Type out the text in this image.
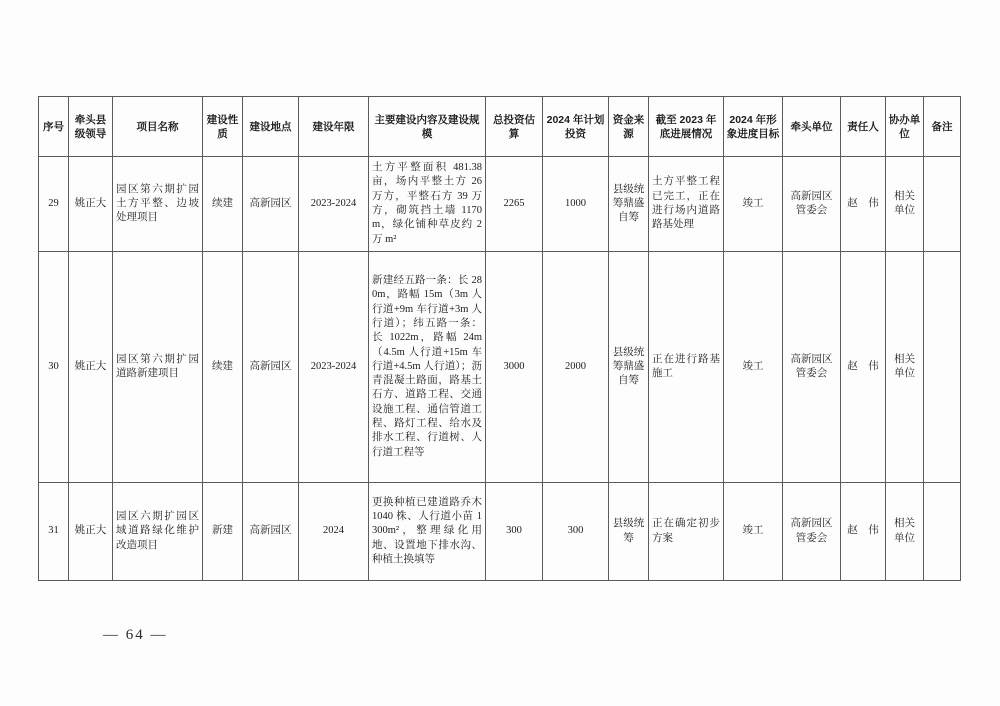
序号	牵头县级领导	项目名称	建设性质	建设地点	建设年限	主要建设内容及建设规模	总投资估算	2024 年计划投资	资金来源	截至 2023 年底进展情况	2024 年形象进度目标	牵头单位	责任人	协办单位	备注
29	姚正大	园区第六期扩园土方平整、边坡处理项目	续建	高新园区	2023-2024	土方平整面积 481.38 亩，场内平整土方 26 万方，平整石方 39 万方，砌筑挡土墙 1170m，绿化铺种草皮约 2 万 m²	2265	1000	县级统筹鼎盛自筹	土方平整工程已完工，正在进行场内道路路基处理	竣工	高新园区管委会	赵　伟	相关单位	
30	姚正大	园区第六期扩园道路新建项目	续建	高新园区	2023-2024	新建经五路一条：长 280m，路幅 15m（3m 人行道+9m 车行道+3m 人行道）；纬五路一条：长 1022m，路幅 24m（4.5m 人行道+15m 车行道+4.5m 人行道）；沥青混凝土路面，路基土石方、道路工程、交通设施工程、通信管道工程、路灯工程、给水及排水工程、行道树、人行道工程等	3000	2000	县级统筹鼎盛自筹	正在进行路基施工	竣工	高新园区管委会	赵　伟	相关单位	
31	姚正大	园区六期扩园区域道路绿化维护改造项目	新建	高新园区	2024	更换种植已建道路乔木 1040 株、人行道小苗 1300m²，整理绿化用地、设置地下排水沟、种植土换填等	300	300	县级统筹	正在确定初步方案	竣工	高新园区管委会	赵　伟	相关单位	
— 64 —
